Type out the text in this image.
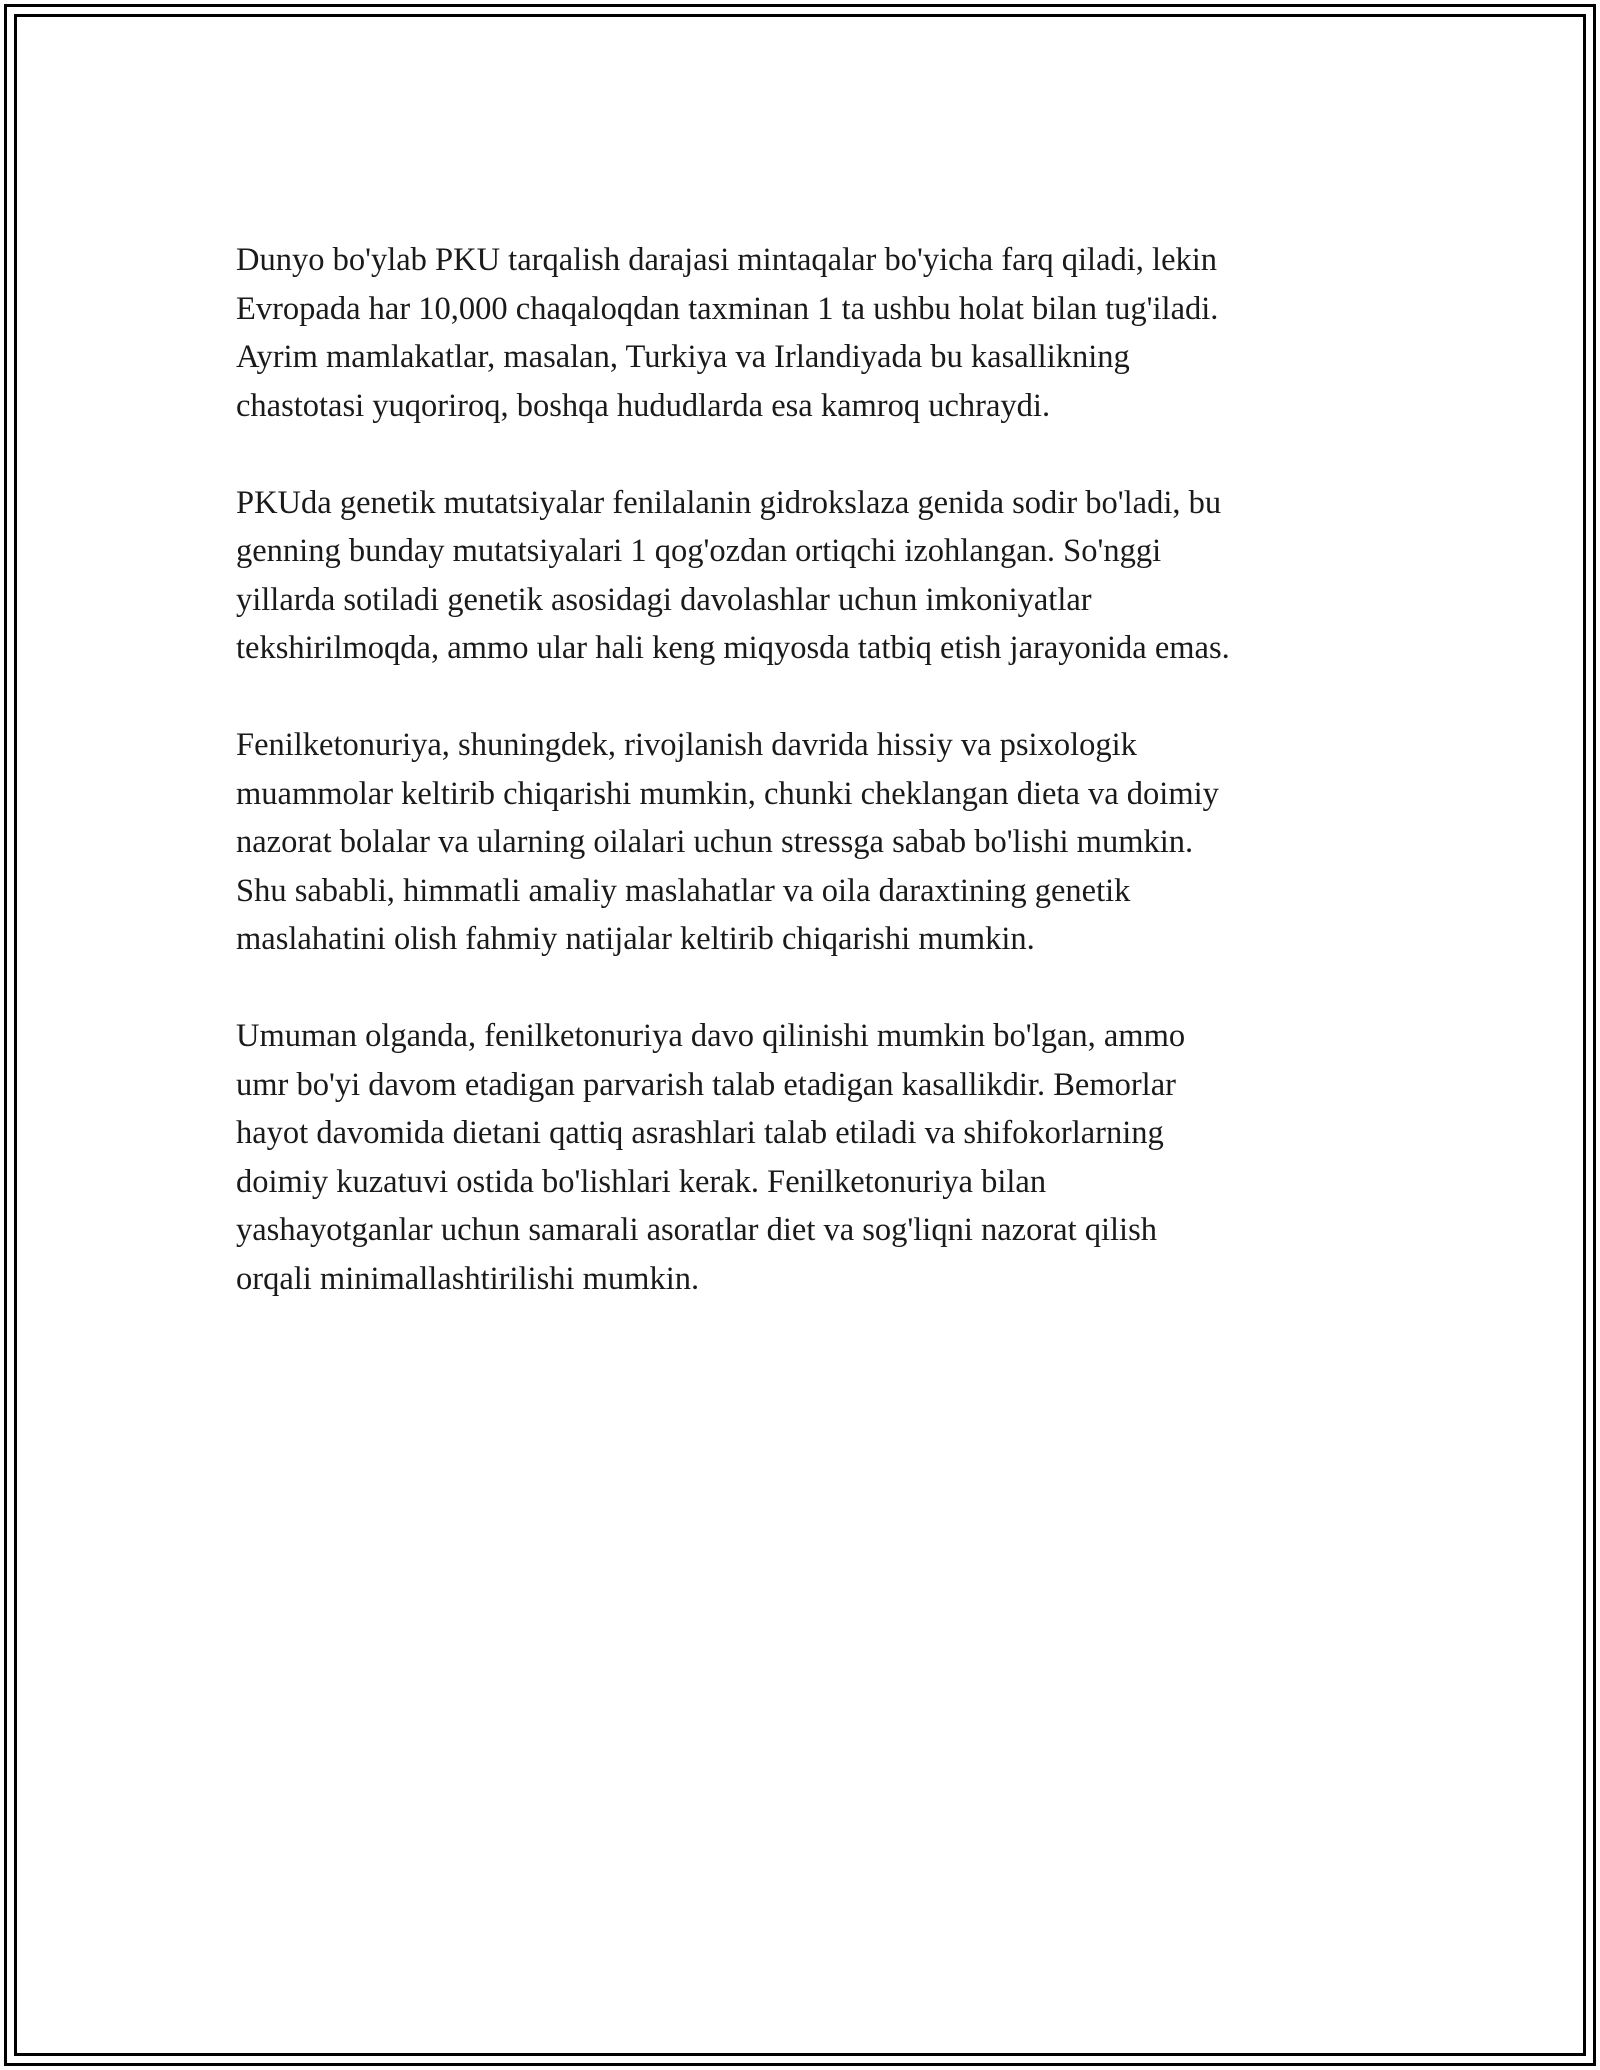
Dunyo bo'ylab PKU tarqalish darajasi mintaqalar bo'yicha farq qiladi, lekin
Evropada har 10,000 chaqaloqdan taxminan 1 ta ushbu holat bilan tug'iladi.
Ayrim mamlakatlar, masalan, Turkiya va Irlandiyada bu kasallikning
chastotasi yuqoriroq, boshqa hududlarda esa kamroq uchraydi.

PKUda genetik mutatsiyalar fenilalanin gidrokslaza genida sodir bo'ladi, bu
genning bunday mutatsiyalari 1 qog'ozdan ortiqchi izohlangan. So'nggi
yillarda sotiladi genetik asosidagi davolashlar uchun imkoniyatlar
tekshirilmoqda, ammo ular hali keng miqyosda tatbiq etish jarayonida emas.

Fenilketonuriya, shuningdek, rivojlanish davrida hissiy va psixologik
muammolar keltirib chiqarishi mumkin, chunki cheklangan dieta va doimiy
nazorat bolalar va ularning oilalari uchun stressga sabab bo'lishi mumkin.
Shu sababli, himmatli amaliy maslahatlar va oila daraxtining genetik
maslahatini olish fahmiy natijalar keltirib chiqarishi mumkin.

Umuman olganda, fenilketonuriya davo qilinishi mumkin bo'lgan, ammo
umr bo'yi davom etadigan parvarish talab etadigan kasallikdir. Bemorlar
hayot davomida dietani qattiq asrashlari talab etiladi va shifokorlarning
doimiy kuzatuvi ostida bo'lishlari kerak. Fenilketonuriya bilan
yashayotganlar uchun samarali asoratlar diet va sog'liqni nazorat qilish
orqali minimallashtirilishi mumkin.
